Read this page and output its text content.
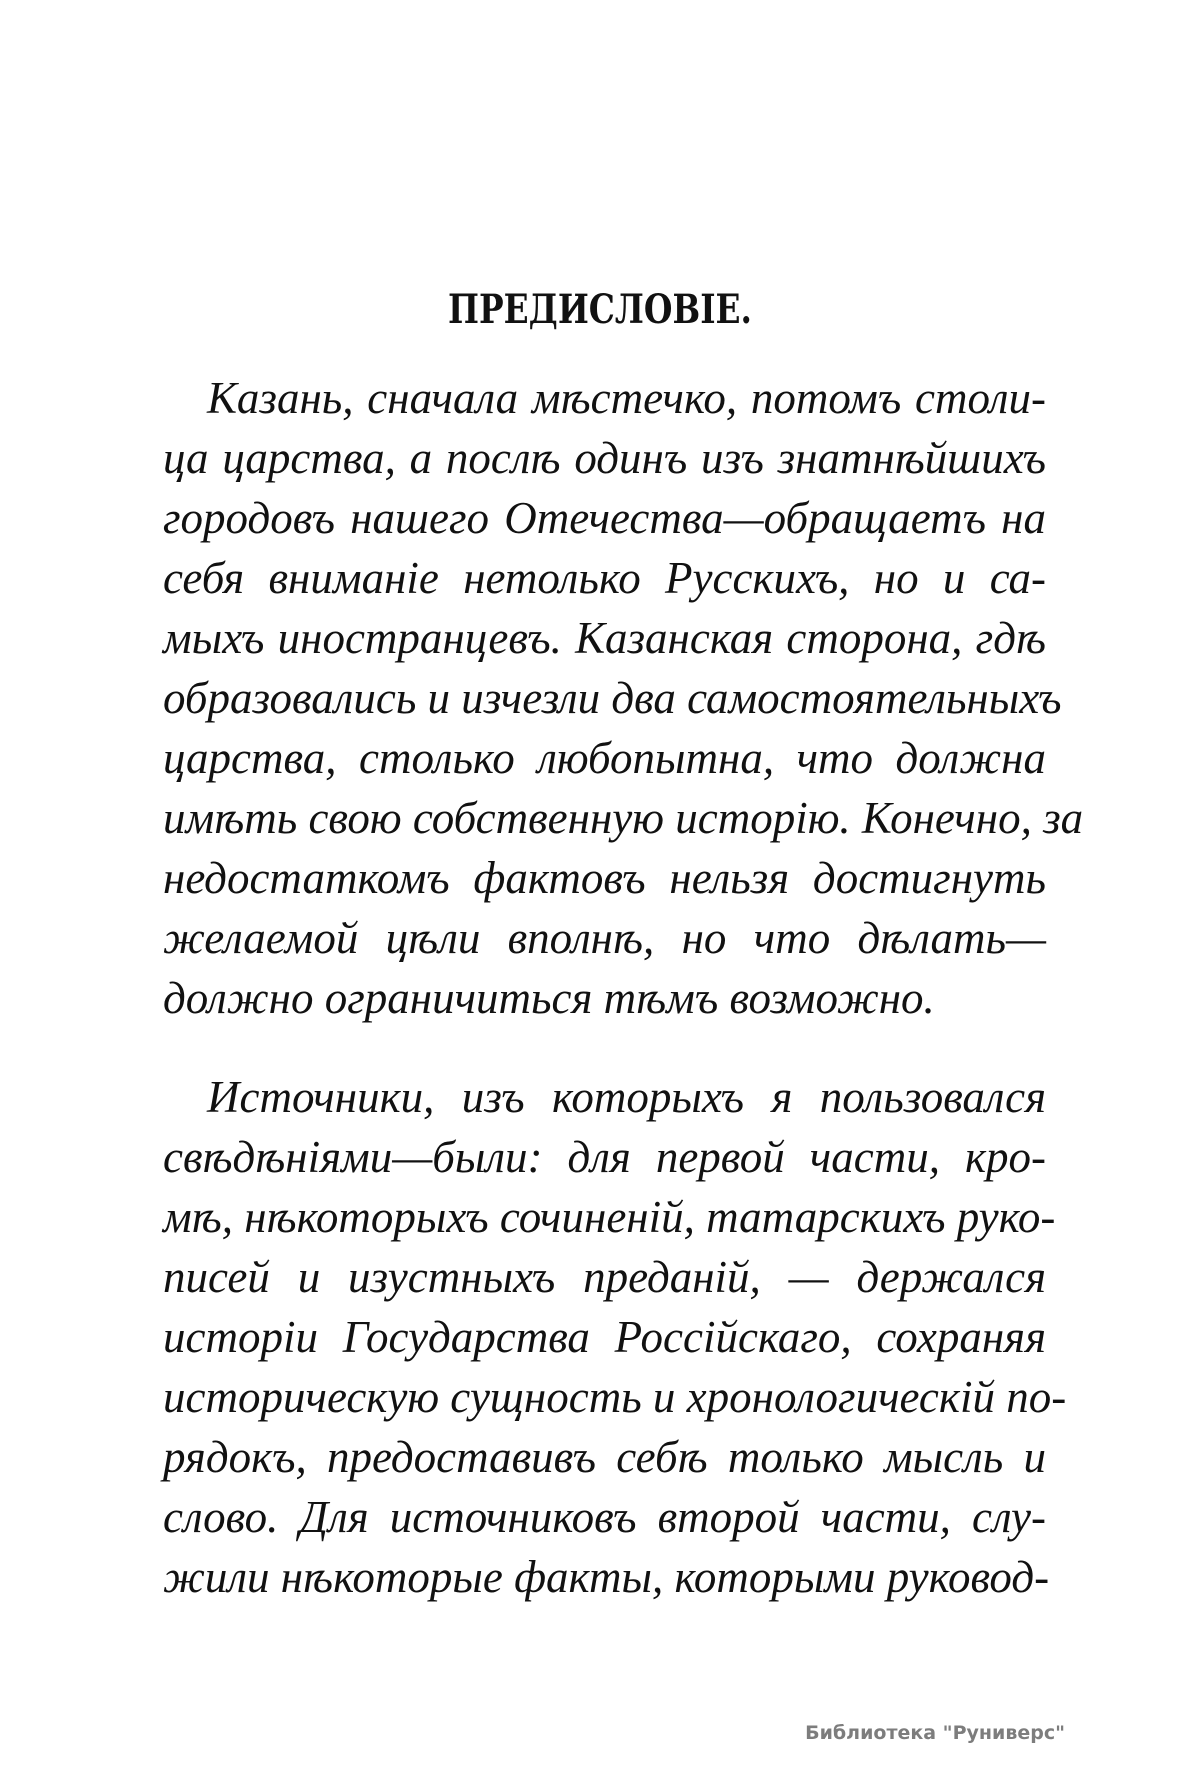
ПРЕДИСЛОВІЕ.
Казань, сначала мѣстечко, потомъ столи-
ца царства, а послѣ одинъ изъ знатнѣйшихъ
городовъ нашего Отечества—обращаетъ на
себя вниманіе нетолько Русскихъ, но и са-
мыхъ иностранцевъ. Казанская сторона, гдѣ
образовались и изчезли два самостоятельныхъ
царства, столько любопытна, что должна
имѣть свою собственную исторію. Конечно, за
недостаткомъ фактовъ нельзя достигнуть
желаемой цѣли вполнѣ, но что дѣлать—
должно ограничиться тѣмъ возможно.
Источники, изъ которыхъ я пользовался
свѣдѣніями—были: для первой части, кро-
мѣ, нѣкоторыхъ сочиненій, татарскихъ руко-
писей и изустныхъ преданій, — держался
исторіи Государства Россійскаго, сохраняя
историческую сущность и хронологическій по-
рядокъ, предоставивъ себѣ только мысль и
слово. Для источниковъ второй части, слу-
жили нѣкоторые факты, которыми руковод-
Библиотека "Руниверс"
